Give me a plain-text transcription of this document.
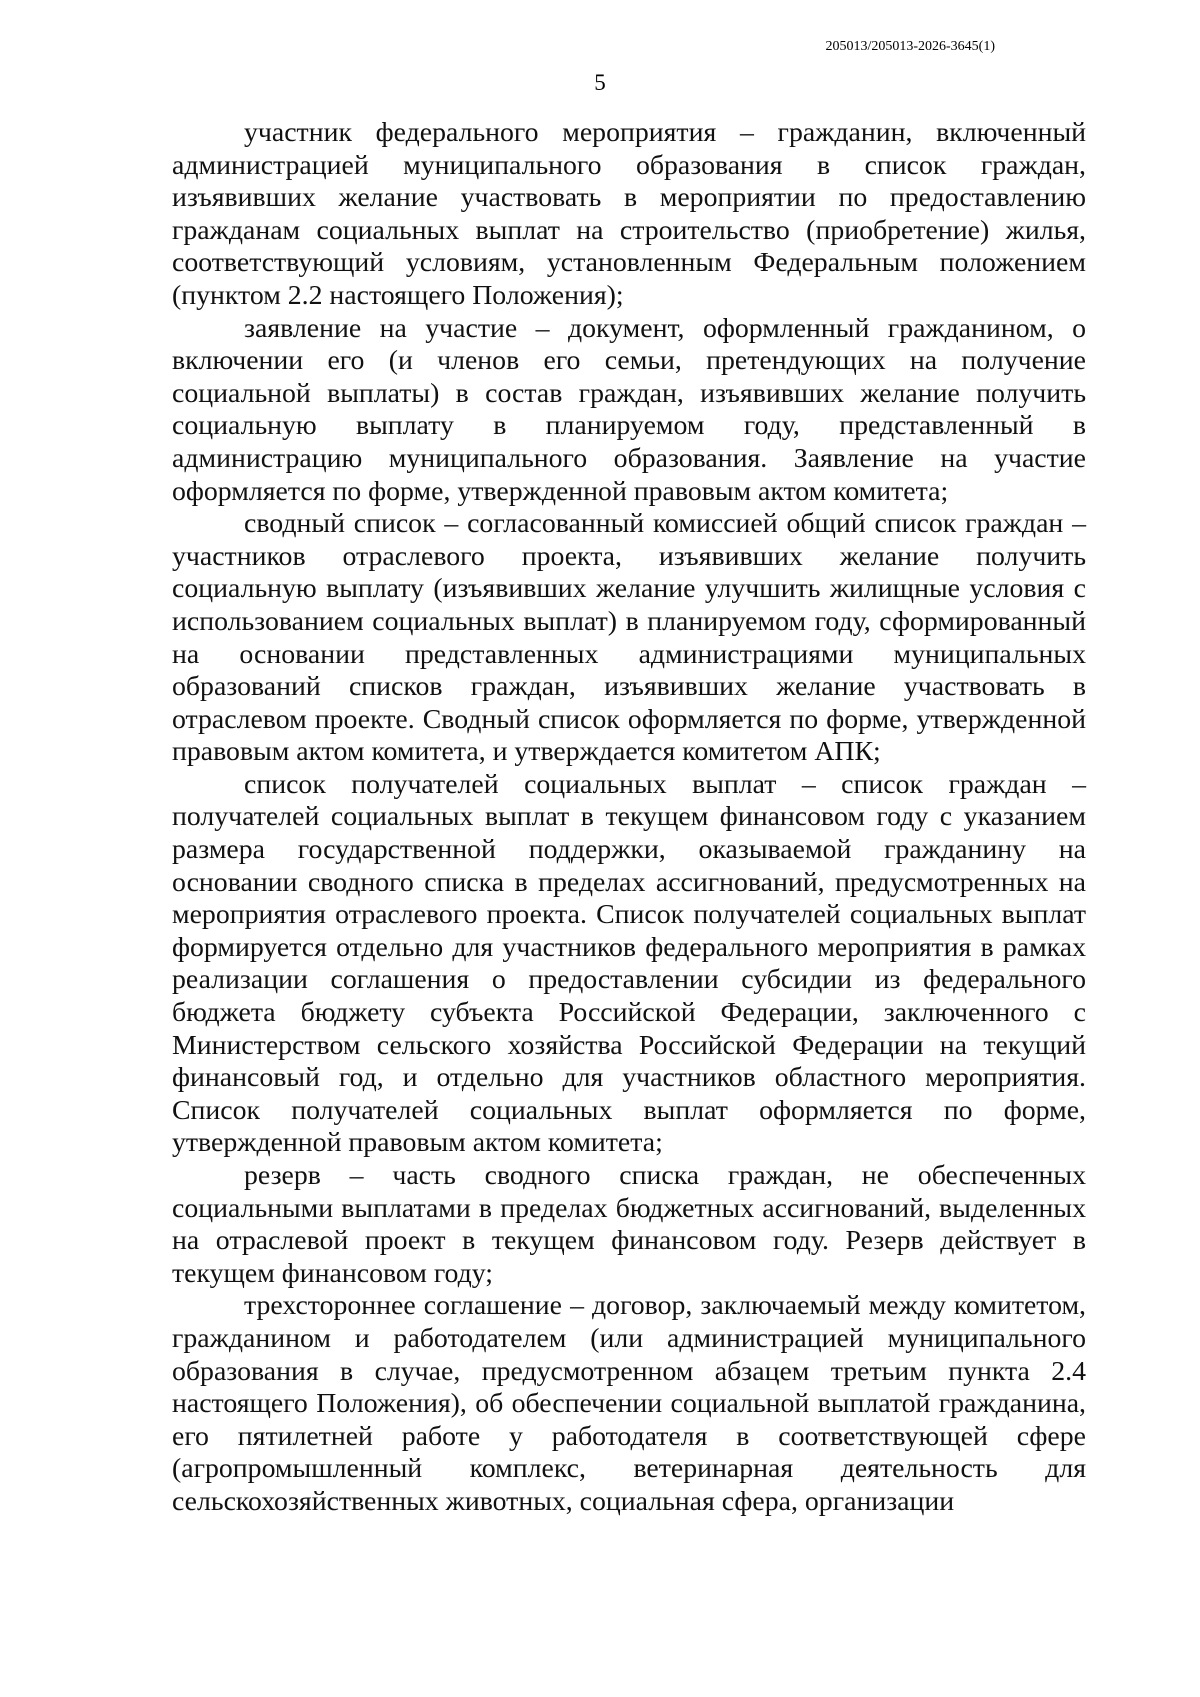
205013/205013-2026-3645(1)
5

участник федерального мероприятия – гражданин, включенный администрацией муниципального образования в список граждан, изъявивших желание участвовать в мероприятии по предоставлению гражданам социальных выплат на строительство (приобретение) жилья, соответствующий условиям, установленным Федеральным положением (пунктом 2.2 настоящего Положения);

заявление на участие – документ, оформленный гражданином, о включении его (и членов его семьи, претендующих на получение социальной выплаты) в состав граждан, изъявивших желание получить социальную выплату в планируемом году, представленный в администрацию муниципального образования. Заявление на участие оформляется по форме, утвержденной правовым актом комитета;

сводный список – согласованный комиссией общий список граждан – участников отраслевого проекта, изъявивших желание получить социальную выплату (изъявивших желание улучшить жилищные условия с использованием социальных выплат) в планируемом году, сформированный на основании представленных администрациями муниципальных образований списков граждан, изъявивших желание участвовать в отраслевом проекте. Сводный список оформляется по форме, утвержденной правовым актом комитета, и утверждается комитетом АПК;

список получателей социальных выплат – список граждан – получателей социальных выплат в текущем финансовом году с указанием размера государственной поддержки, оказываемой гражданину на основании сводного списка в пределах ассигнований, предусмотренных на мероприятия отраслевого проекта. Список получателей социальных выплат формируется отдельно для участников федерального мероприятия в рамках реализации соглашения о предоставлении субсидии из федерального бюджета бюджету субъекта Российской Федерации, заключенного с Министерством сельского хозяйства Российской Федерации на текущий финансовый год, и отдельно для участников областного мероприятия. Список получателей социальных выплат оформляется по форме, утвержденной правовым актом комитета;

резерв – часть сводного списка граждан, не обеспеченных социальными выплатами в пределах бюджетных ассигнований, выделенных на отраслевой проект в текущем финансовом году. Резерв действует в текущем финансовом году;

трехстороннее соглашение – договор, заключаемый между комитетом, гражданином и работодателем (или администрацией муниципального образования в случае, предусмотренном абзацем третьим пункта 2.4 настоящего Положения), об обеспечении социальной выплатой гражданина, его пятилетней работе у работодателя в соответствующей сфере (агропромышленный комплекс, ветеринарная деятельность для сельскохозяйственных животных, социальная сфера, организации
